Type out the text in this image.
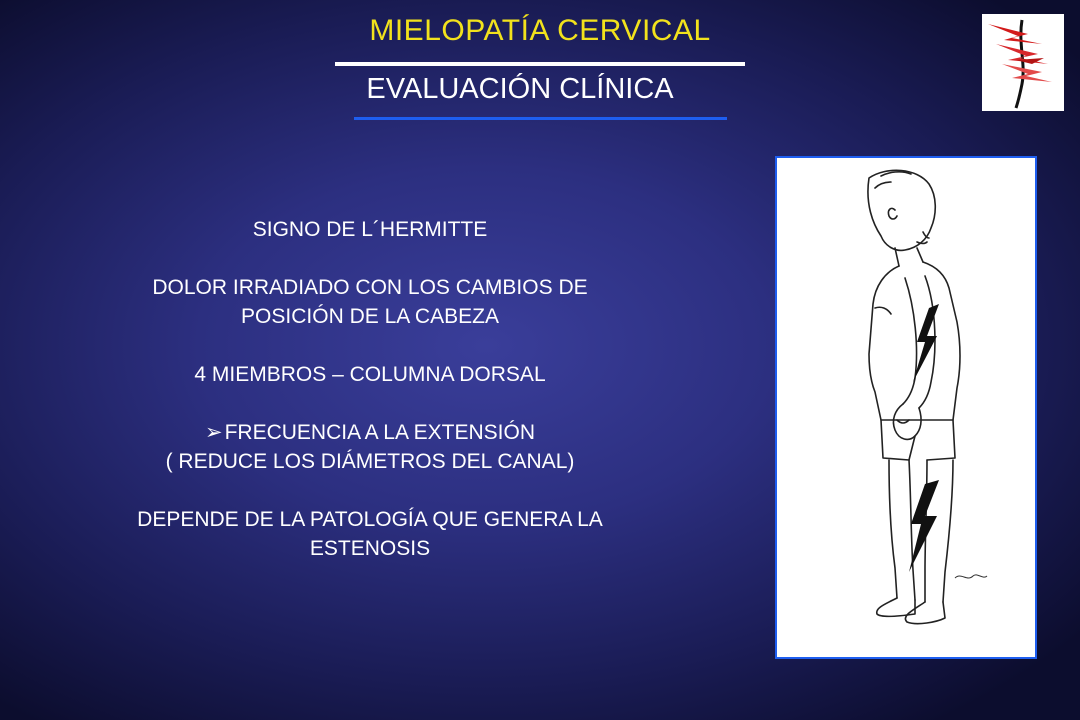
MIELOPATÍA CERVICAL
EVALUACIÓN CLÍNICA
SIGNO DE L´HERMITTE
DOLOR IRRADIADO CON LOS CAMBIOS DE
POSICIÓN DE LA CABEZA
4 MIEMBROS – COLUMNA DORSAL
➢FRECUENCIA A LA EXTENSIÓN
( REDUCE LOS DIÁMETROS DEL CANAL)
DEPENDE DE LA PATOLOGÍA QUE GENERA LA
ESTENOSIS
